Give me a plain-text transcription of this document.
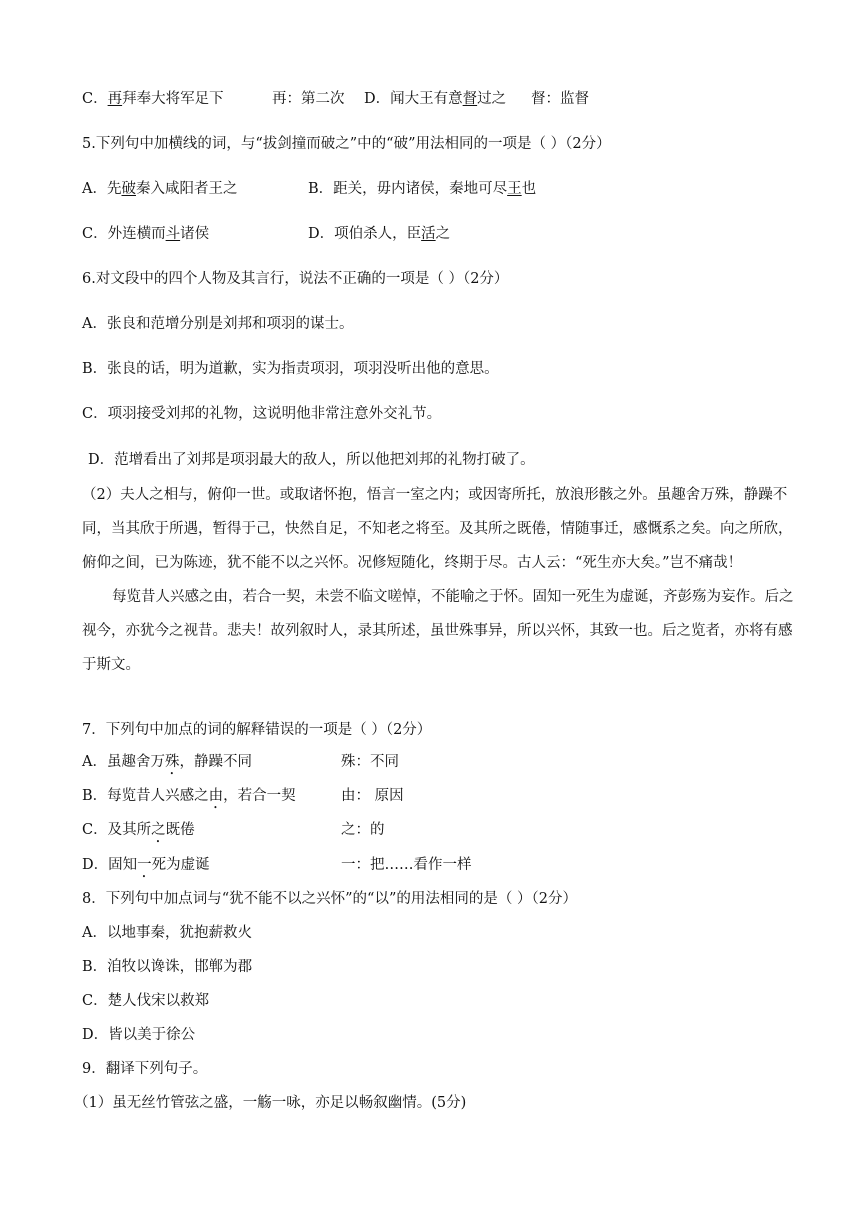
C．再拜奉大将军足下	再：第二次 D．闻大王有意督过之 督：监督
5.下列句中加横线的词，与“拔剑撞而破之”中的“破”用法相同的一项是（ ）（2分）
A．先破秦入咸阳者王之	B．距关，毋内诸侯，秦地可尽王也
C．外连横而斗诸侯	D．项伯杀人，臣活之
6.对文段中的四个人物及其言行，说法不正确的一项是（ ）（2分）
A．张良和范增分别是刘邦和项羽的谋士。
B．张良的话，明为道歉，实为指责项羽，项羽没听出他的意思。
C．项羽接受刘邦的礼物，这说明他非常注意外交礼节。
D．范增看出了刘邦是项羽最大的敌人，所以他把刘邦的礼物打破了。

（2）夫人之相与，俯仰一世。或取诸怀抱，悟言一室之内；或因寄所托，放浪形骸之外。虽趣舍万殊，静躁不同，当其欣于所遇，暂得于己，快然自足，不知老之将至。及其所之既倦，情随事迁，感慨系之矣。向之所欣，俯仰之间，已为陈迹，犹不能不以之兴怀。况修短随化，终期于尽。古人云：“死生亦大矣。”岂不痛哉！

每览昔人兴感之由，若合一契，未尝不临文嗟悼，不能喻之于怀。固知一死生为虚诞，齐彭殇为妄作。后之视今，亦犹今之视昔。悲夫！故列叙时人，录其所述，虽世殊事异，所以兴怀，其致一也。后之览者，亦将有感于斯文。

7．下列句中加点的词的解释错误的一项是（ ）（2分）
A．虽趣舍万殊，静躁不同	殊：不同
B．每览昔人兴感之由，若合一契	由： 原因
C．及其所之既倦	之：的
D．固知一死为虚诞	一：把……看作一样
8．下列句中加点词与“犹不能不以之兴怀”的“以”的用法相同的是（ ）（2分）
A．以地事秦，犹抱薪救火
B．洎牧以谗诛，邯郸为郡
C．楚人伐宋以救郑
D．皆以美于徐公
9．翻译下列句子。
（1）虽无丝竹管弦之盛，一觞一咏，亦足以畅叙幽情。(5分)
